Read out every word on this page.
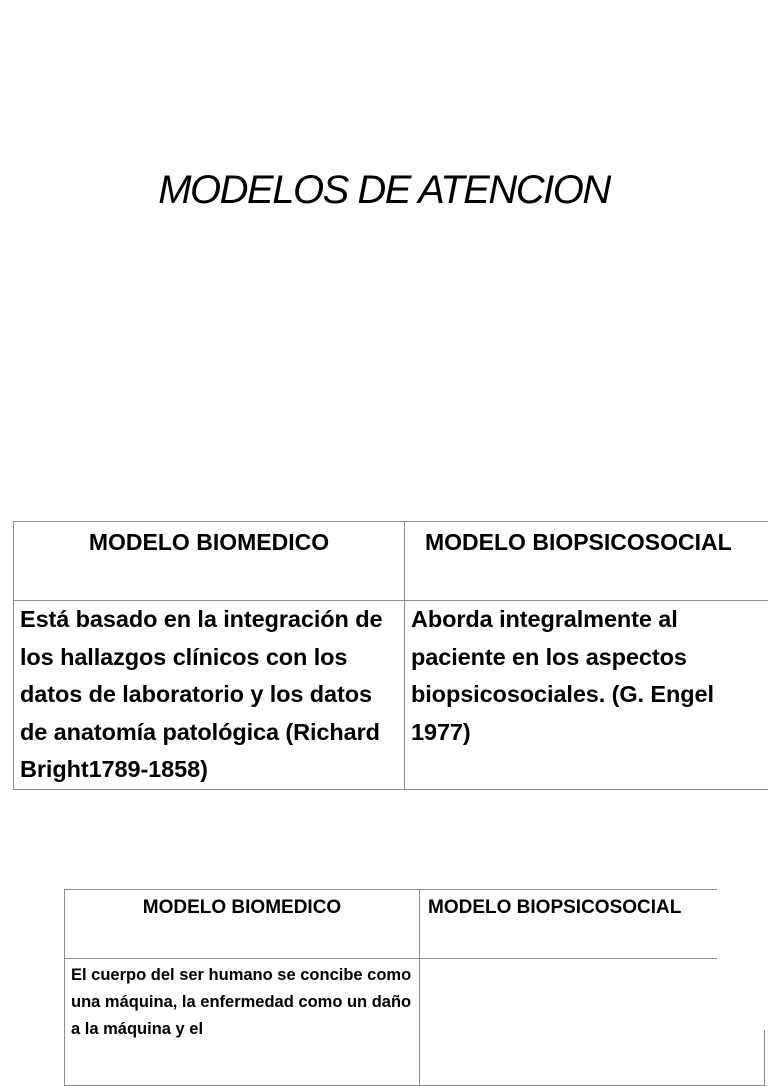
MODELOS DE ATENCION
MODELO BIOMEDICO	MODELO BIOPSICOSOCIAL
Está basado en la integración de los hallazgos clínicos con los datos de laboratorio y los datos de anatomía patológica (Richard Bright1789-1858)	Aborda integralmente al paciente en los aspectos biopsicosociales. (G. Engel 1977)
MODELO BIOMEDICO	MODELO BIOPSICOSOCIAL
El cuerpo del ser humano se concibe como una máquina, la enfermedad como un daño a la máquina y el	
